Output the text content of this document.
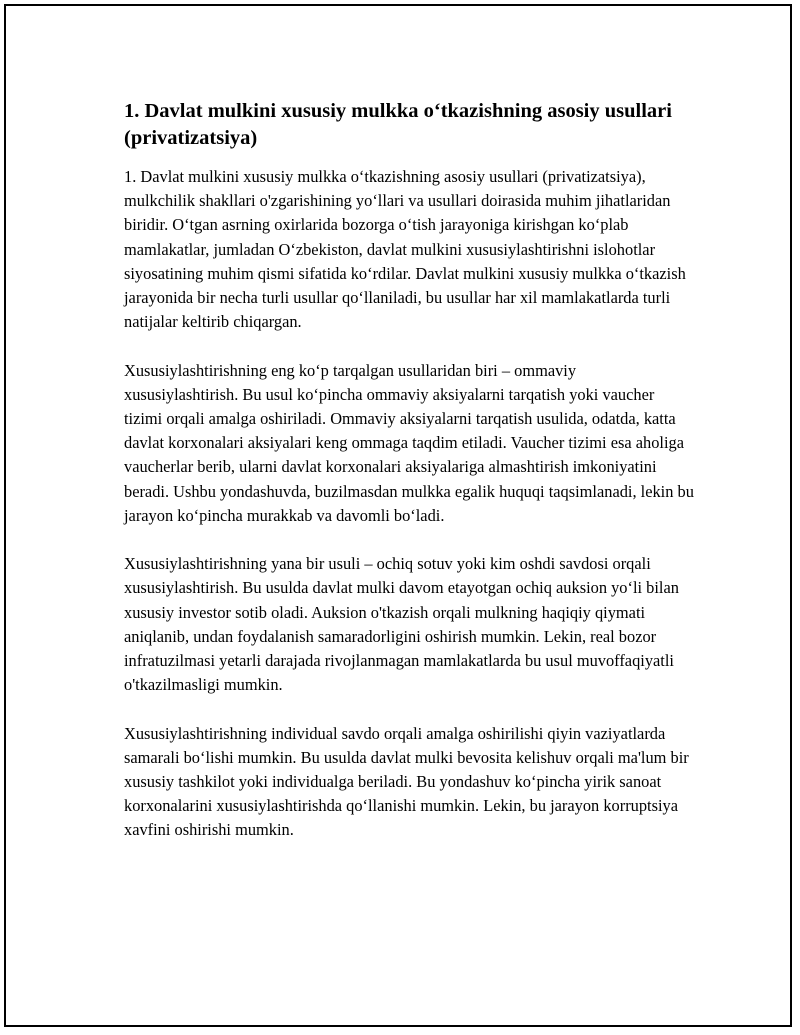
1. Davlat mulkini xususiy mulkka o‘tkazishning asosiy usullari (privatizatsiya)

1. Davlat mulkini xususiy mulkka o‘tkazishning asosiy usullari (privatizatsiya), mulkchilik shakllari o'zgarishining yo‘llari va usullari doirasida muhim jihatlaridan biridir. O‘tgan asrning oxirlarida bozorga o‘tish jarayoniga kirishgan ko‘plab mamlakatlar, jumladan O‘zbekiston, davlat mulkini xususiylashtirishni islohotlar siyosatining muhim qismi sifatida ko‘rdilar. Davlat mulkini xususiy mulkka o‘tkazish jarayonida bir necha turli usullar qo‘llaniladi, bu usullar har xil mamlakatlarda turli natijalar keltirib chiqargan.

Xususiylashtirishning eng ko‘p tarqalgan usullaridan biri – ommaviy xususiylashtirish. Bu usul ko‘pincha ommaviy aksiyalarni tarqatish yoki vaucher tizimi orqali amalga oshiriladi. Ommaviy aksiyalarni tarqatish usulida, odatda, katta davlat korxonalari aksiyalari keng ommaga taqdim etiladi. Vaucher tizimi esa aholiga vaucherlar berib, ularni davlat korxonalari aksiyalariga almashtirish imkoniyatini beradi. Ushbu yondashuvda, buzilmasdan mulkka egalik huquqi taqsimlanadi, lekin bu jarayon ko‘pincha murakkab va davomli bo‘ladi.

Xususiylashtirishning yana bir usuli – ochiq sotuv yoki kim oshdi savdosi orqali xususiylashtirish. Bu usulda davlat mulki davom etayotgan ochiq auksion yo‘li bilan xususiy investor sotib oladi. Auksion o'tkazish orqali mulkning haqiqiy qiymati aniqlanib, undan foydalanish samaradorligini oshirish mumkin. Lekin, real bozor infratuzilmasi yetarli darajada rivojlanmagan mamlakatlarda bu usul muvoffaqiyatli o'tkazilmasligi mumkin.

Xususiylashtirishning individual savdo orqali amalga oshirilishi qiyin vaziyatlarda samarali bo‘lishi mumkin. Bu usulda davlat mulki bevosita kelishuv orqali ma'lum bir xususiy tashkilot yoki individualga beriladi. Bu yondashuv ko‘pincha yirik sanoat korxonalarini xususiylashtirishda qo‘llanishi mumkin. Lekin, bu jarayon korruptsiya xavfini oshirishi mumkin.
